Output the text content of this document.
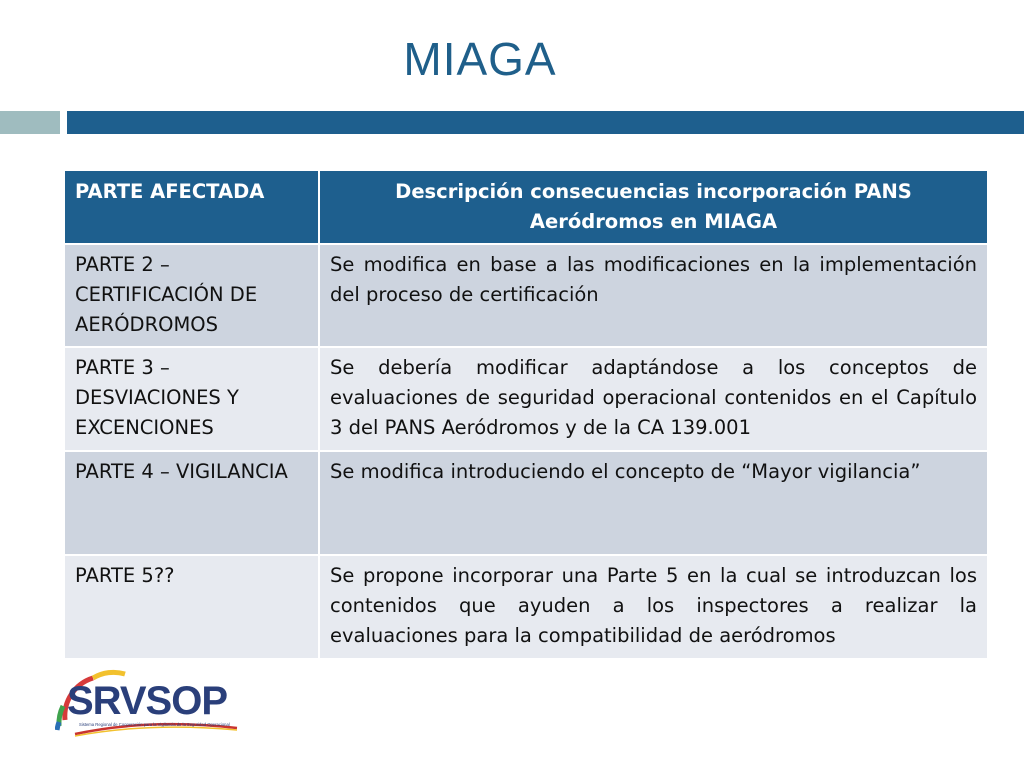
MIAGA
PARTE AFECTADA	Descripción consecuencias incorporación PANS Aeródromos en MIAGA
PARTE 2 – CERTIFICACIÓN DE AERÓDROMOS	Se modifica en base a las modificaciones en la implementación del proceso de certificación
PARTE 3 – DESVIACIONES Y EXCENCIONES	Se debería modificar adaptándose a los conceptos de evaluaciones de seguridad operacional contenidos en el Capítulo 3 del PANS Aeródromos y de la CA 139.001
PARTE 4 – VIGILANCIA	Se modifica introduciendo el concepto de “Mayor vigilancia”
PARTE 5??	Se propone incorporar una Parte 5 en la cual se introduzcan los contenidos que ayuden a los inspectores a realizar la evaluaciones para la compatibilidad de aeródromos
SRVSOP
Sistema Regional de Cooperación para la Vigilancia de la Seguridad Operacional
